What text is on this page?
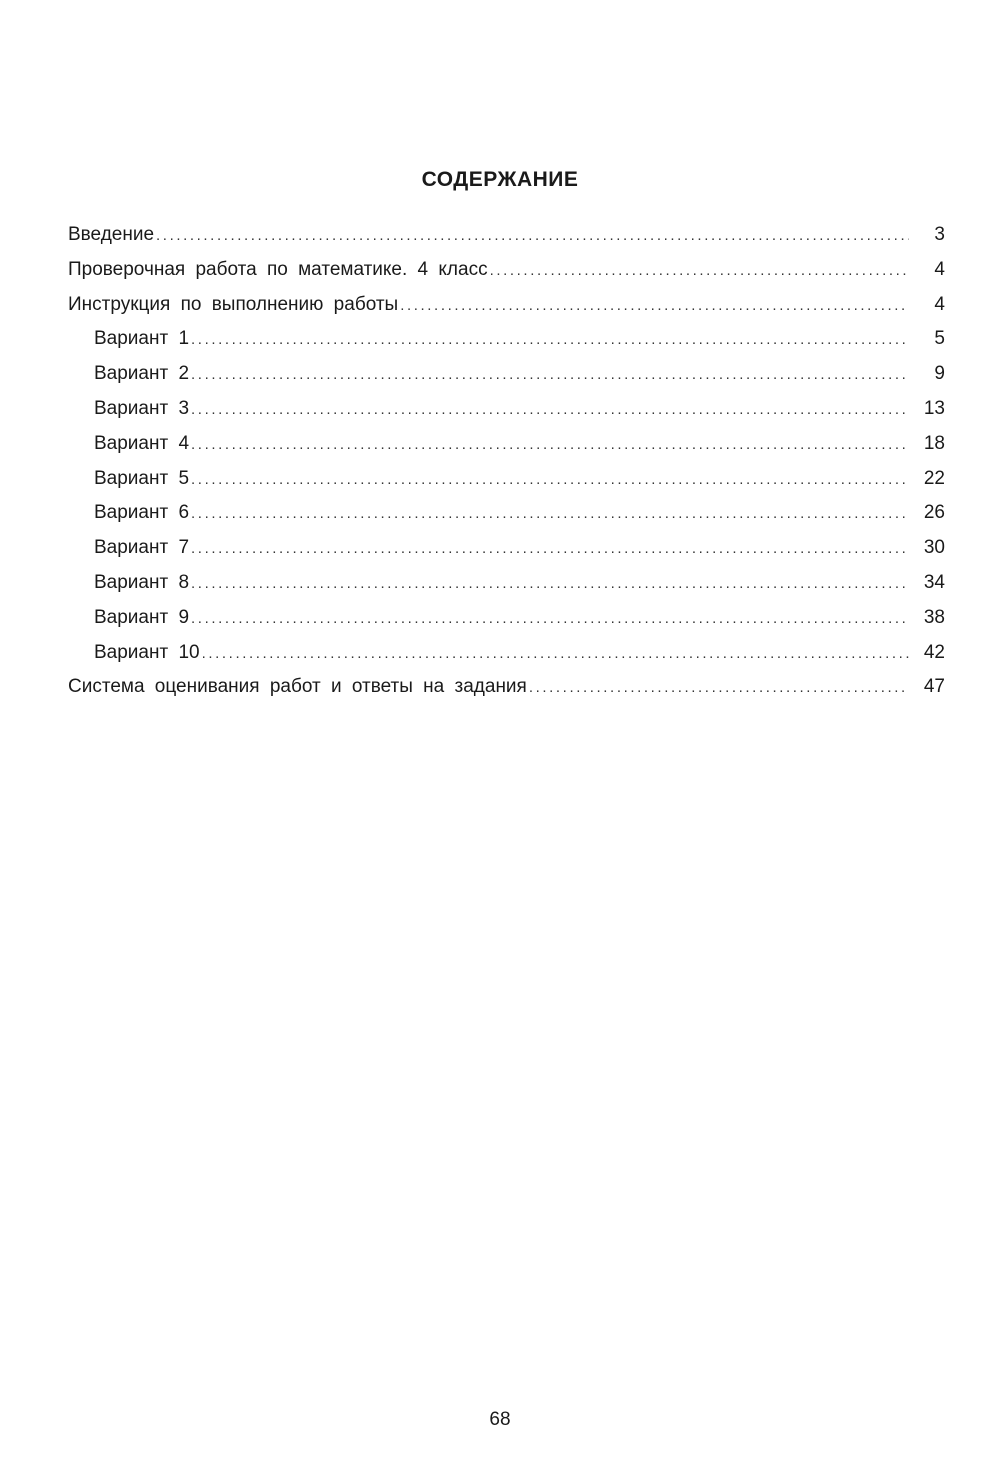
СОДЕРЖАНИЕ
Введение .....	3
Проверочная работа по математике. 4 класс .....	4
Инструкция по выполнению работы .....	4
Вариант 1 .....	5
Вариант 2 .....	9
Вариант 3 .....	13
Вариант 4 .....	18
Вариант 5 .....	22
Вариант 6 .....	26
Вариант 7 .....	30
Вариант 8 .....	34
Вариант 9 .....	38
Вариант 10 .....	42
Система оценивания работ и ответы на задания .....	47
68
